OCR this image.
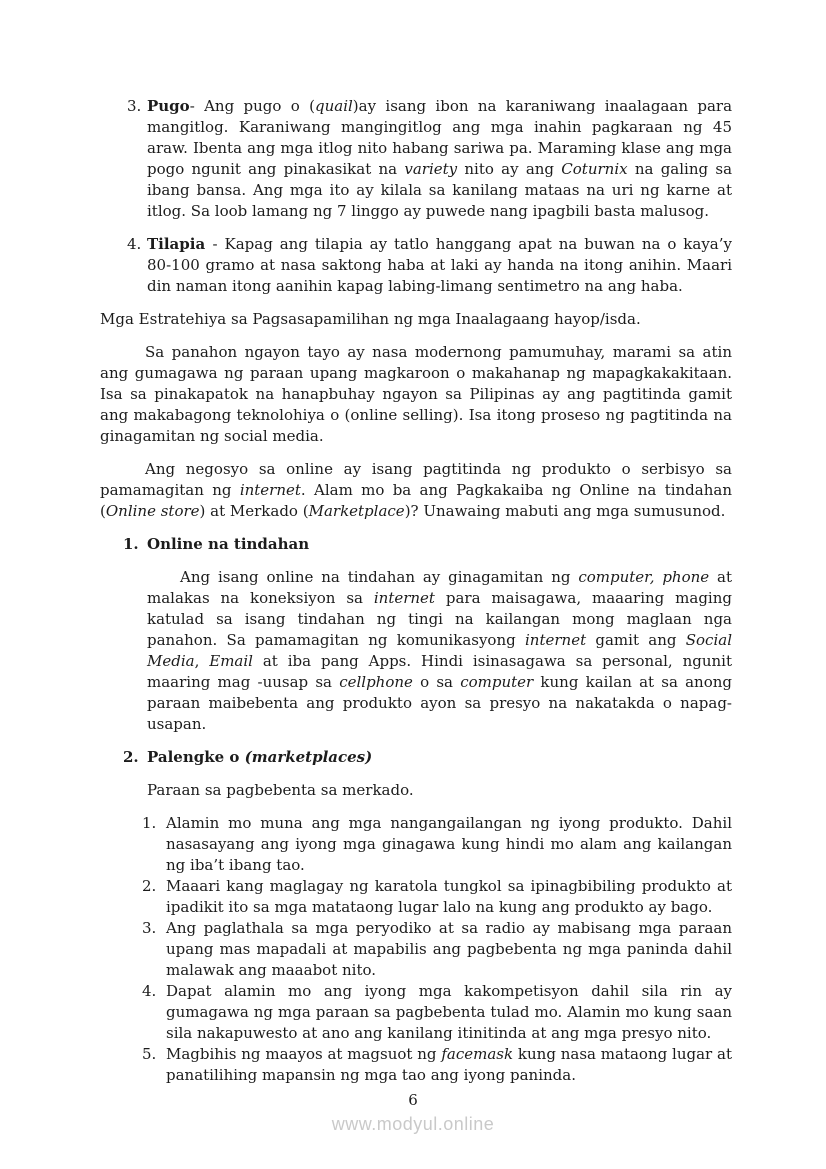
3. Pugo- Ang pugo o (quail)ay isang ibon na karaniwang inaalagaan para mangitlog. Karaniwang mangingitlog ang mga inahin pagkaraan ng 45 araw. Ibenta ang mga itlog nito habang sariwa pa. Maraming klase ang mga pogo ngunit ang pinakasikat na variety nito ay ang Coturnix na galing sa ibang bansa. Ang mga ito ay kilala sa kanilang mataas na uri ng karne at itlog. Sa loob lamang ng 7 linggo ay puwede nang ipagbili basta malusog.
4. Tilapia - Kapag ang tilapia ay tatlo hanggang apat na buwan na o kaya’y 80-100 gramo at nasa saktong haba at laki ay handa na itong anihin. Maari din naman itong aanihin kapag labing-limang sentimetro na ang haba.
Mga Estratehiya sa Pagsasapamilihan ng mga Inaalagaang hayop/isda.
Sa panahon ngayon tayo ay nasa modernong pamumuhay, marami sa atin ang gumagawa ng paraan upang magkaroon o makahanap ng mapagkakakitaan. Isa sa pinakapatok na hanapbuhay ngayon sa Pilipinas ay ang pagtitinda gamit ang makabagong teknolohiya o (online selling). Isa itong proseso ng pagtitinda na ginagamitan ng social media.
Ang negosyo sa online ay isang pagtitinda ng produkto o serbisyo sa pamamagitan ng internet. Alam mo ba ang Pagkakaiba ng Online na tindahan (Online store) at Merkado (Marketplace)? Unawaing mabuti ang mga sumusunod.
1. Online na tindahan
Ang isang online na tindahan ay ginagamitan ng computer, phone at malakas na koneksiyon sa internet para maisagawa, maaaring maging katulad sa isang tindahan ng tingi na kailangan mong maglaan nga panahon. Sa pamamagitan ng komunikasyong internet gamit ang Social Media, Email at iba pang Apps. Hindi isinasagawa sa personal, ngunit maaring mag -uusap sa cellphone o sa computer kung kailan at sa anong paraan maibebenta ang produkto ayon sa presyo na nakatakda o napag-usapan.
2. Palengke o (marketplaces)
Paraan sa pagbebenta sa merkado.
1. Alamin mo muna ang mga nangangailangan ng iyong produkto. Dahil nasasayang ang iyong mga ginagawa kung hindi mo alam ang kailangan ng iba’t ibang tao.
2. Maaari kang maglagay ng karatola tungkol sa ipinagbibiling produkto at ipadikit ito sa mga matataong lugar lalo na kung ang produkto ay bago.
3. Ang paglathala sa mga peryodiko at sa radio ay mabisang mga paraan upang mas mapadali at mapabilis ang pagbebenta ng mga paninda dahil malawak ang maaabot nito.
4. Dapat alamin mo ang iyong mga kakompetisyon dahil sila rin ay gumagawa ng mga paraan sa pagbebenta tulad mo. Alamin mo kung saan sila nakapuwesto at ano ang kanilang itinitinda at ang mga presyo nito.
5. Magbihis ng maayos at magsuot ng facemask kung nasa mataong lugar at panatilihing mapansin ng mga tao ang iyong paninda.
6
www.modyul.online
